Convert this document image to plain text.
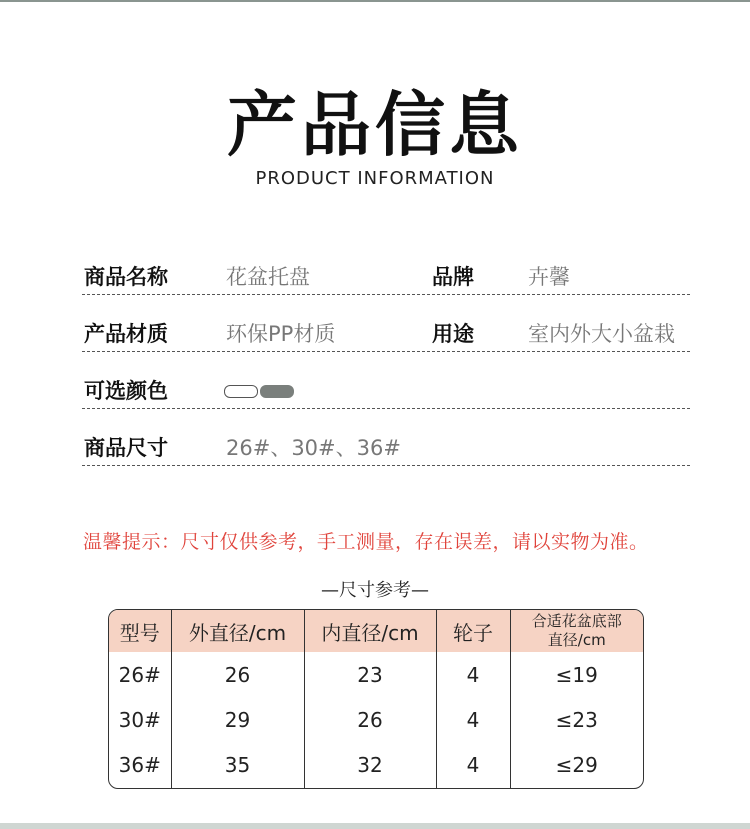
产品信息
PRODUCT INFORMATION
商品名称	花盆托盘	品牌	卉馨
产品材质	环保PP材质	用途	室内外大小盆栽
可选颜色
商品尺寸	26#、30#、36#
温馨提示：尺寸仅供参考，手工测量，存在误差，请以实物为准。
—尺寸参考—
型号	外直径/cm	内直径/cm	轮子	合适花盆底部
直径/cm
26#	26	23	4	≤19
30#	29	26	4	≤23
36#	35	32	4	≤29
